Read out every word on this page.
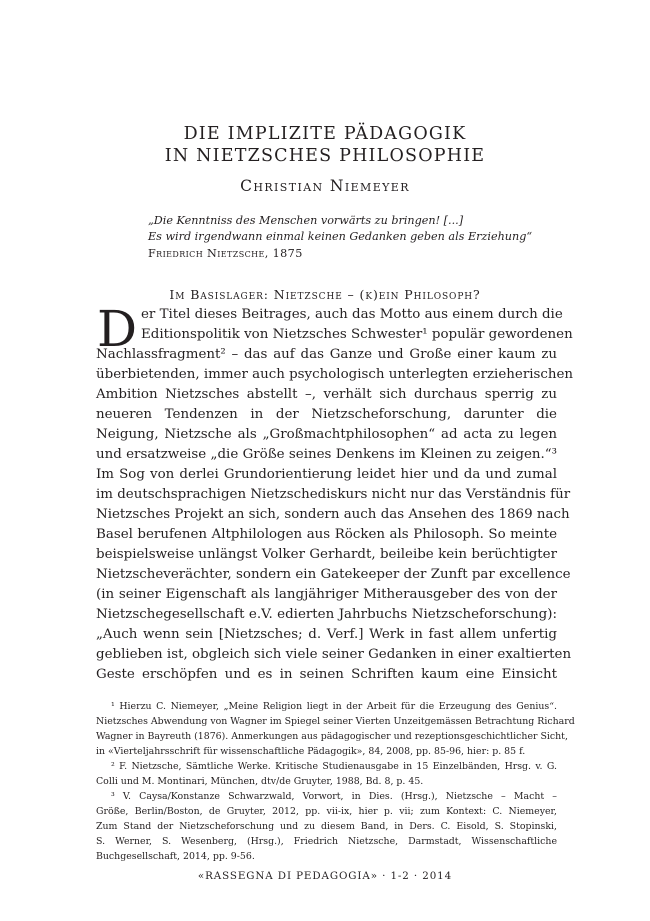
DIE IMPLIZITE PÄDAGOGIK
IN NIETZSCHES PHILOSOPHIE
Christian Niemeyer
„Die Kenntniss des Menschen vorwärts zu bringen! [...]
Es wird irgendwann einmal keinen Gedanken geben als Erziehung“
Friedrich Nietzsche, 1875
Im Basislager: Nietzsche – (k)ein Philosoph?
D er Titel dieses Beitrages, auch das Motto aus einem durch die
Editionspolitik von Nietzsches Schwester¹ populär gewordenen
Nachlassfragment² – das auf das Ganze und Große einer kaum zu
überbietenden, immer auch psychologisch unterlegten erzieherischen
Ambition Nietzsches abstellt –, verhält sich durchaus sperrig zu
neueren Tendenzen in der Nietzscheforschung, darunter die
Neigung, Nietzsche als „Großmachtphilosophen“ ad acta zu legen
und ersatzweise „die Größe seines Denkens im Kleinen zu zeigen.“³
Im Sog von derlei Grundorientierung leidet hier und da und zumal
im deutschsprachigen Nietzschediskurs nicht nur das Verständnis für
Nietzsches Projekt an sich, sondern auch das Ansehen des 1869 nach
Basel berufenen Altphilologen aus Röcken als Philosoph. So meinte
beispielsweise unlängst Volker Gerhardt, beileibe kein berüchtigter
Nietzscheverächter, sondern ein Gatekeeper der Zunft par excellence
(in seiner Eigenschaft als langjähriger Mitherausgeber des von der
Nietzschegesellschaft e.V. edierten Jahrbuchs Nietzscheforschung):
„Auch wenn sein [Nietzsches; d. Verf.] Werk in fast allem unfertig
geblieben ist, obgleich sich viele seiner Gedanken in einer exaltierten
Geste erschöpfen und es in seinen Schriften kaum eine Einsicht
¹ Hierzu C. Niemeyer, „Meine Religion liegt in der Arbeit für die Erzeugung des Genius“.
Nietzsches Abwendung von Wagner im Spiegel seiner Vierten Unzeitgemässen Betrachtung Richard
Wagner in Bayreuth (1876). Anmerkungen aus pädagogischer und rezeptionsgeschichtlicher Sicht,
in «Vierteljahrsschrift für wissenschaftliche Pädagogik», 84, 2008, pp. 85-96, hier: p. 85 f.
² F. Nietzsche, Sämtliche Werke. Kritische Studienausgabe in 15 Einzelbänden, Hrsg. v. G.
Colli und M. Montinari, München, dtv/de Gruyter, 1988, Bd. 8, p. 45.
³ V. Caysa/Konstanze Schwarzwald, Vorwort, in Dies. (Hrsg.), Nietzsche – Macht –
Größe, Berlin/Boston, de Gruyter, 2012, pp. vii-ix, hier p. vii; zum Kontext: C. Niemeyer,
Zum Stand der Nietzscheforschung und zu diesem Band, in Ders. C. Eisold, S. Stopinski,
S. Werner, S. Wesenberg, (Hrsg.), Friedrich Nietzsche, Darmstadt, Wissenschaftliche
Buchgesellschaft, 2014, pp. 9-56.
«RASSEGNA DI PEDAGOGIA» · 1-2 · 2014
